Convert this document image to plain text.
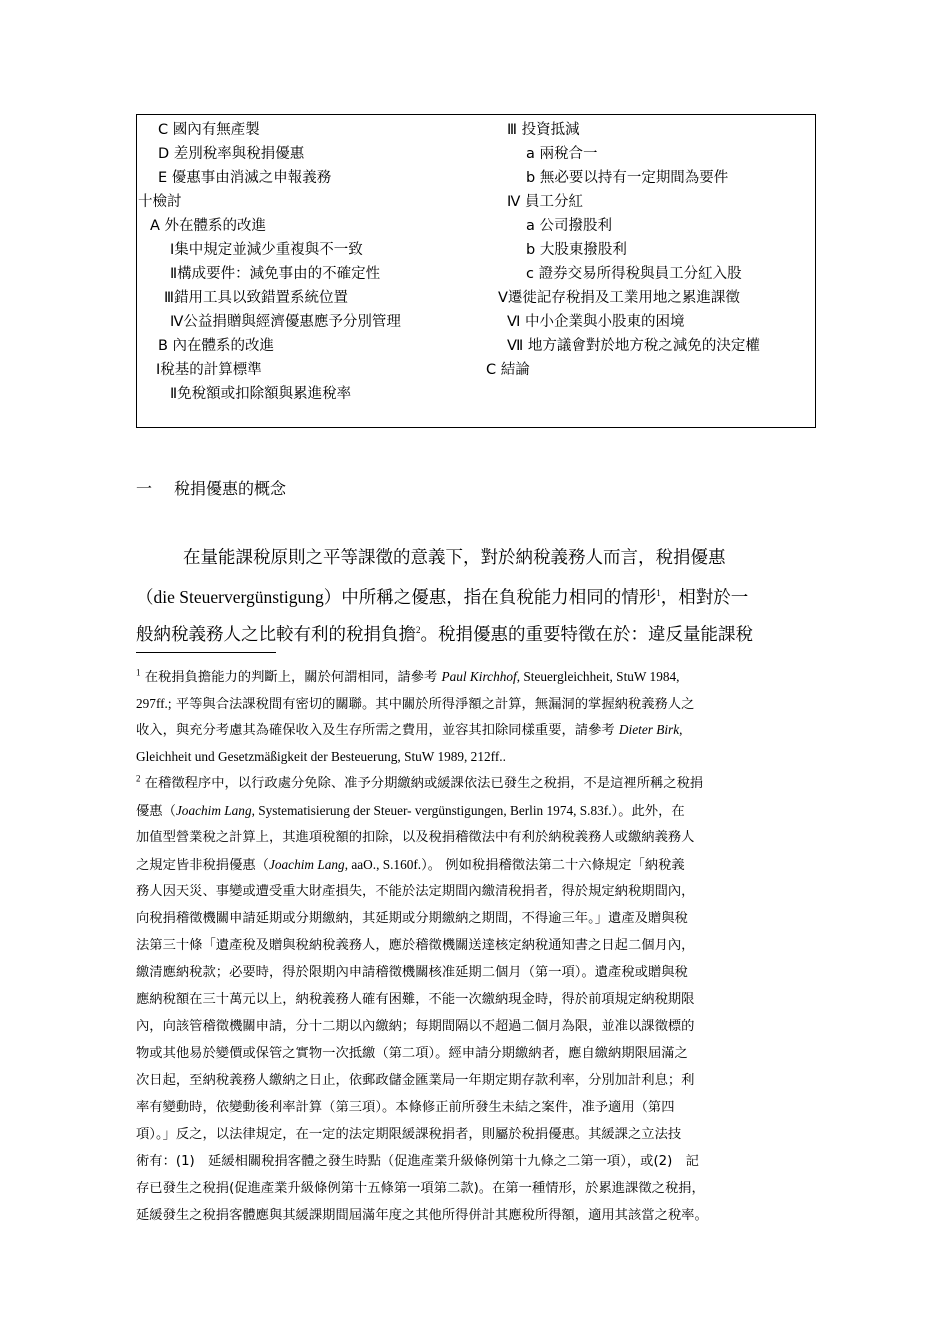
C 國內有無產製
D 差別稅率與稅捐優惠
E 優惠事由消滅之申報義務
十檢討
A 外在體系的改進
Ⅰ集中規定並減少重複與不一致
Ⅱ構成要件：減免事由的不確定性
Ⅲ錯用工具以致錯置系統位置
Ⅳ公益捐贈與經濟優惠應予分別管理
B 內在體系的改進
Ⅰ稅基的計算標準
Ⅱ免稅額或扣除額與累進稅率
Ⅲ 投資抵減
a 兩稅合一
b 無必要以持有一定期間為要件
Ⅳ 員工分紅
a 公司撥股利
b 大股東撥股利
c 證券交易所得稅與員工分紅入股
Ⅴ遷徙記存稅捐及工業用地之累進課徵
Ⅵ 中小企業與小股東的困境
Ⅶ 地方議會對於地方稅之減免的決定權
C 結論
一 稅捐優惠的概念
在量能課稅原則之平等課徵的意義下，對於納稅義務人而言，稅捐優惠
（die Steuervergünstigung）中所稱之優惠，指在負稅能力相同的情形$^1$，相對於一
般納稅義務人之比較有利的稅捐負擔$^2$。稅捐優惠的重要特徵在於：違反量能課稅
$^1$ 在稅捐負擔能力的判斷上，關於何謂相同，請參考 Paul Kirchhof, Steuergleichheit, StuW 1984,
297ff.; 平等與合法課稅間有密切的關聯。其中關於所得淨額之計算，無漏洞的掌握納稅義務人之
收入，與充分考慮其為確保收入及生存所需之費用，並容其扣除同樣重要，請參考 Dieter Birk,
Gleichheit und Gesetzmäßigkeit der Besteuerung, StuW 1989, 212ff..
$^2$ 在稽徵程序中，以行政處分免除、准予分期繳納或緩課依法已發生之稅捐，不是這裡所稱之稅捐
優惠（Joachim Lang, Systematisierung der Steuer- vergünstigungen, Berlin 1974, S.83f.）。此外，在
加值型營業稅之計算上，其進項稅額的扣除，以及稅捐稽徵法中有利於納稅義務人或繳納義務人
之規定皆非稅捐優惠（Joachim Lang, aaO., S.160f.）。 例如稅捐稽徵法第二十六條規定「納稅義
務人因天災、事變或遭受重大財產損失，不能於法定期間內繳清稅捐者，得於規定納稅期間內，
向稅捐稽徵機關申請延期或分期繳納，其延期或分期繳納之期間，不得逾三年。」遺產及贈與稅
法第三十條「遺產稅及贈與稅納稅義務人，應於稽徵機關送達核定納稅通知書之日起二個月內，
繳清應納稅款；必要時，得於限期內申請稽徵機關核准延期二個月（第一項）。遺產稅或贈與稅
應納稅額在三十萬元以上，納稅義務人確有困難，不能一次繳納現金時，得於前項規定納稅期限
內，向該管稽徵機關申請，分十二期以內繳納；每期間隔以不超過二個月為限，並准以課徵標的
物或其他易於變價或保管之實物一次抵繳（第二項）。經申請分期繳納者，應自繳納期限屆滿之
次日起，至納稅義務人繳納之日止，依郵政儲金匯業局一年期定期存款利率，分別加計利息；利
率有變動時，依變動後利率計算（第三項）。本條修正前所發生未結之案件，准予適用（第四
項）。」反之，以法律規定，在一定的法定期限緩課稅捐者，則屬於稅捐優惠。其緩課之立法技
術有：(1)　延緩相關稅捐客體之發生時點（促進產業升級條例第十九條之二第一項），或(2)　記
存已發生之稅捐(促進產業升級條例第十五條第一項第二款)。在第一種情形，於累進課徵之稅捐，
延緩發生之稅捐客體應與其緩課期間屆滿年度之其他所得併計其應稅所得額，適用其該當之稅率。
